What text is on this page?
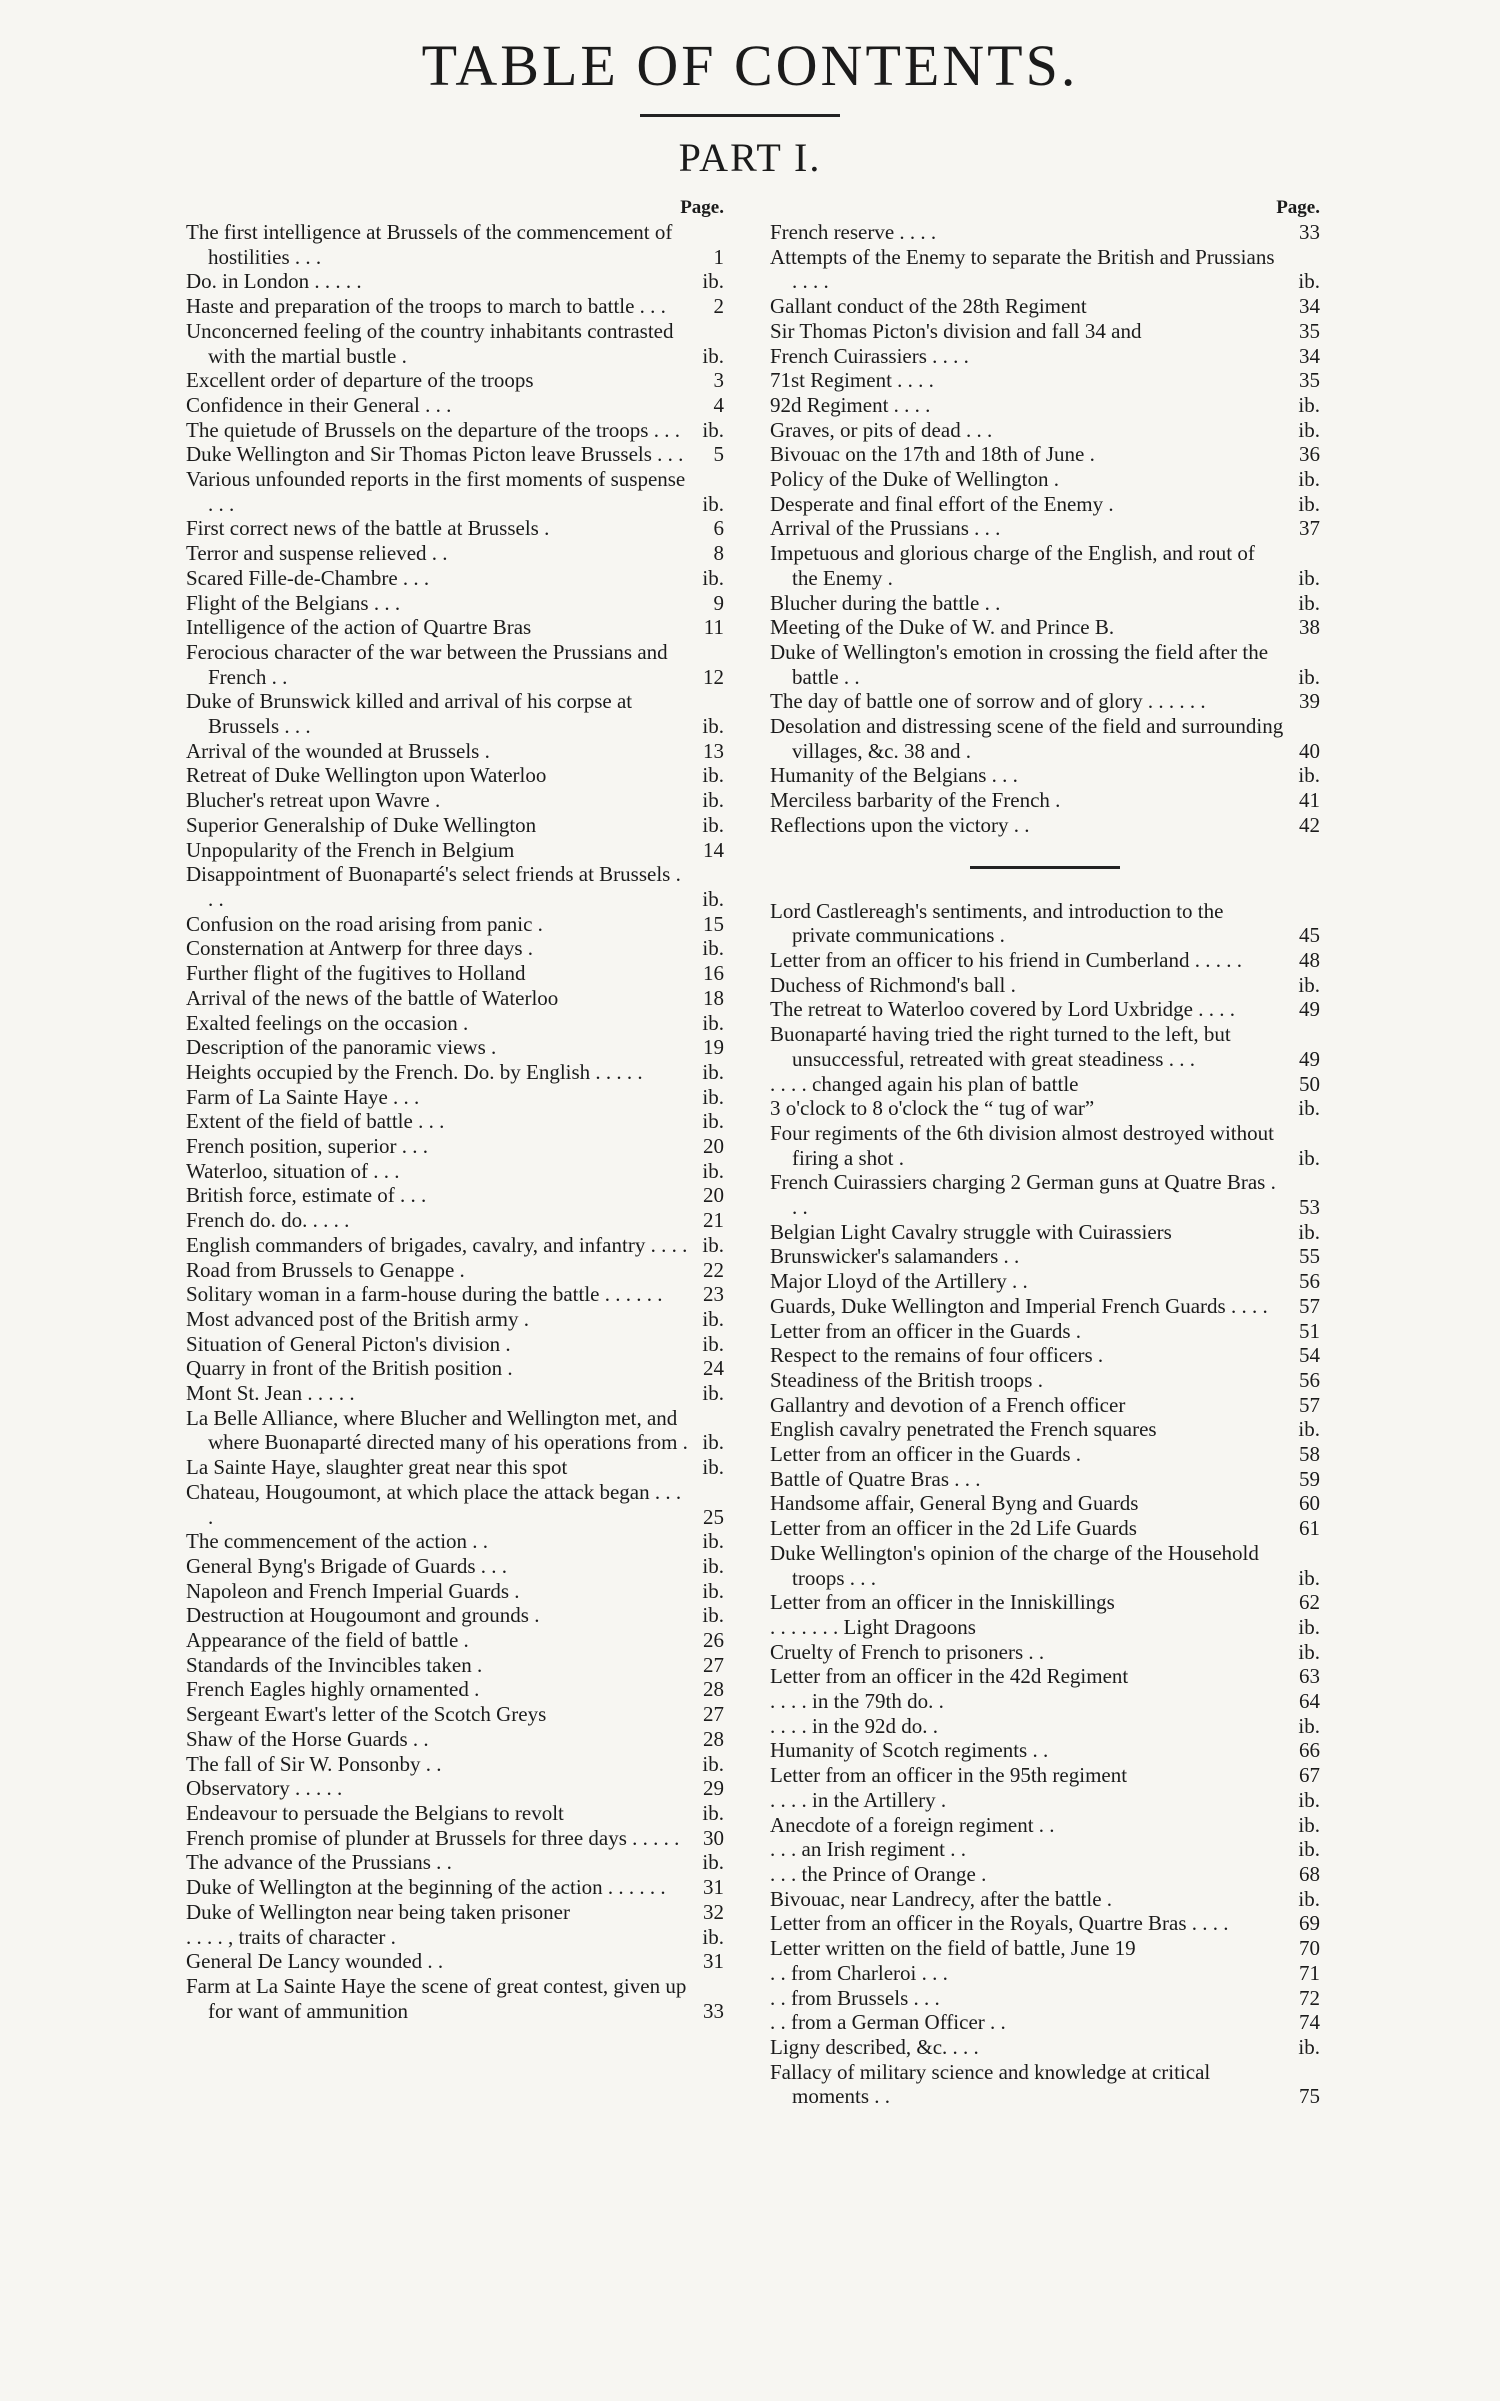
TABLE OF CONTENTS.
PART I.
Page.
The first intelligence at Brussels of the commencement of hostilities . . .	1
Do. in London . . . . .	ib.
Haste and preparation of the troops to march to battle . . .	2
Unconcerned feeling of the country inhabitants contrasted with the martial bustle .	ib.
Excellent order of departure of the troops	3
Confidence in their General . . .	4
The quietude of Brussels on the departure of the troops . . .	ib.
Duke Wellington and Sir Thomas Picton leave Brussels . . .	5
Various unfounded reports in the first moments of suspense . . .	ib.
First correct news of the battle at Brussels .	6
Terror and suspense relieved . .	8
Scared Fille-de-Chambre . . .	ib.
Flight of the Belgians . . .	9
Intelligence of the action of Quartre Bras	11
Ferocious character of the war between the Prussians and French . .	12
Duke of Brunswick killed and arrival of his corpse at Brussels . . .	ib.
Arrival of the wounded at Brussels .	13
Retreat of Duke Wellington upon Waterloo	ib.
Blucher's retreat upon Wavre .	ib.
Superior Generalship of Duke Wellington	ib.
Unpopularity of the French in Belgium	14
Disappointment of Buonaparté's select friends at Brussels . . .	ib.
Confusion on the road arising from panic .	15
Consternation at Antwerp for three days .	ib.
Further flight of the fugitives to Holland	16
Arrival of the news of the battle of Waterloo	18
Exalted feelings on the occasion .	ib.
Description of the panoramic views .	19
Heights occupied by the French. Do. by English . . . . .	ib.
Farm of La Sainte Haye . . .	ib.
Extent of the field of battle . . .	ib.
French position, superior . . .	20
Waterloo, situation of . . .	ib.
British force, estimate of . . .	20
French do. do. . . . .	21
English commanders of brigades, cavalry, and infantry . . . . ib.
Road from Brussels to Genappe .	22
Solitary woman in a farm-house during the battle . . . . . .	23
Most advanced post of the British army .	ib.
Situation of General Picton's division .	ib.
Quarry in front of the British position .	24
Mont St. Jean . . . . .	ib.
La Belle Alliance, where Blucher and Wellington met, and where Buonaparté directed many of his operations from . ib.
La Sainte Haye, slaughter great near this spot	ib.
Chateau, Hougoumont, at which place the attack began . . . .	25
The commencement of the action . .	ib.
General Byng's Brigade of Guards . . .	ib.
Napoleon and French Imperial Guards .	ib.
Destruction at Hougoumont and grounds .	ib.
Appearance of the field of battle .	26
Standards of the Invincibles taken .	27
French Eagles highly ornamented .	28
Sergeant Ewart's letter of the Scotch Greys	27
Shaw of the Horse Guards . .	28
The fall of Sir W. Ponsonby . .	ib.
Observatory . . . . .	29
Endeavour to persuade the Belgians to revolt	ib.
French promise of plunder at Brussels for three days . . . . .	30
The advance of the Prussians . .	ib.
Duke of Wellington at the beginning of the action . . . . . .	31
Duke of Wellington near being taken prisoner	32
. . . . , traits of character .	ib.
General De Lancy wounded . .	31
Farm at La Sainte Haye the scene of great contest, given up for want of ammunition	33
Page.
French reserve . . . .	33
Attempts of the Enemy to separate the British and Prussians . . . .	ib.
Gallant conduct of the 28th Regiment	34
Sir Thomas Picton's division and fall 34 and	35
French Cuirassiers . . . .	34
71st Regiment . . . .	35
92d Regiment . . . .	ib.
Graves, or pits of dead . . .	ib.
Bivouac on the 17th and 18th of June .	36
Policy of the Duke of Wellington .	ib.
Desperate and final effort of the Enemy .	ib.
Arrival of the Prussians . . .	37
Impetuous and glorious charge of the English, and rout of the Enemy .	ib.
Blucher during the battle . .	ib.
Meeting of the Duke of W. and Prince B.	38
Duke of Wellington's emotion in crossing the field after the battle . .	ib.
The day of battle one of sorrow and of glory . . . . . .	39
Desolation and distressing scene of the field and surrounding villages, &c. 38 and .	40
Humanity of the Belgians . . .	ib.
Merciless barbarity of the French .	41
Reflections upon the victory . .	42
Lord Castlereagh's sentiments, and introduction to the private communications .	45
Letter from an officer to his friend in Cumberland . . . . .	48
Duchess of Richmond's ball .	ib.
The retreat to Waterloo covered by Lord Uxbridge . . . .	49
Buonaparté having tried the right turned to the left, but unsuccessful, retreated with great steadiness . . .	49
. . . . changed again his plan of battle	50
3 o'clock to 8 o'clock the “ tug of war”	ib.
Four regiments of the 6th division almost destroyed without firing a shot .	ib.
French Cuirassiers charging 2 German guns at Quatre Bras . . .	53
Belgian Light Cavalry struggle with Cuirassiers	ib.
Brunswicker's salamanders . .	55
Major Lloyd of the Artillery . .	56
Guards, Duke Wellington and Imperial French Guards . . . .	57
Letter from an officer in the Guards .	51
Respect to the remains of four officers .	54
Steadiness of the British troops .	56
Gallantry and devotion of a French officer	57
English cavalry penetrated the French squares	ib.
Letter from an officer in the Guards .	58
Battle of Quatre Bras . . .	59
Handsome affair, General Byng and Guards	60
Letter from an officer in the 2d Life Guards	61
Duke Wellington's opinion of the charge of the Household troops . . .	ib.
Letter from an officer in the Inniskillings	62
. . . . . . . Light Dragoons	ib.
Cruelty of French to prisoners . .	ib.
Letter from an officer in the 42d Regiment	63
. . . . in the 79th do. .	64
. . . . in the 92d do. .	ib.
Humanity of Scotch regiments . .	66
Letter from an officer in the 95th regiment	67
. . . . in the Artillery .	ib.
Anecdote of a foreign regiment . .	ib.
. . . an Irish regiment . .	ib.
. . . the Prince of Orange .	68
Bivouac, near Landrecy, after the battle .	ib.
Letter from an officer in the Royals, Quartre Bras . . . .	69
Letter written on the field of battle, June 19	70
. . from Charleroi . . .	71
. . from Brussels . . .	72
. . from a German Officer . .	74
Ligny described, &c. . . .	ib.
Fallacy of military science and knowledge at critical moments . .	75
